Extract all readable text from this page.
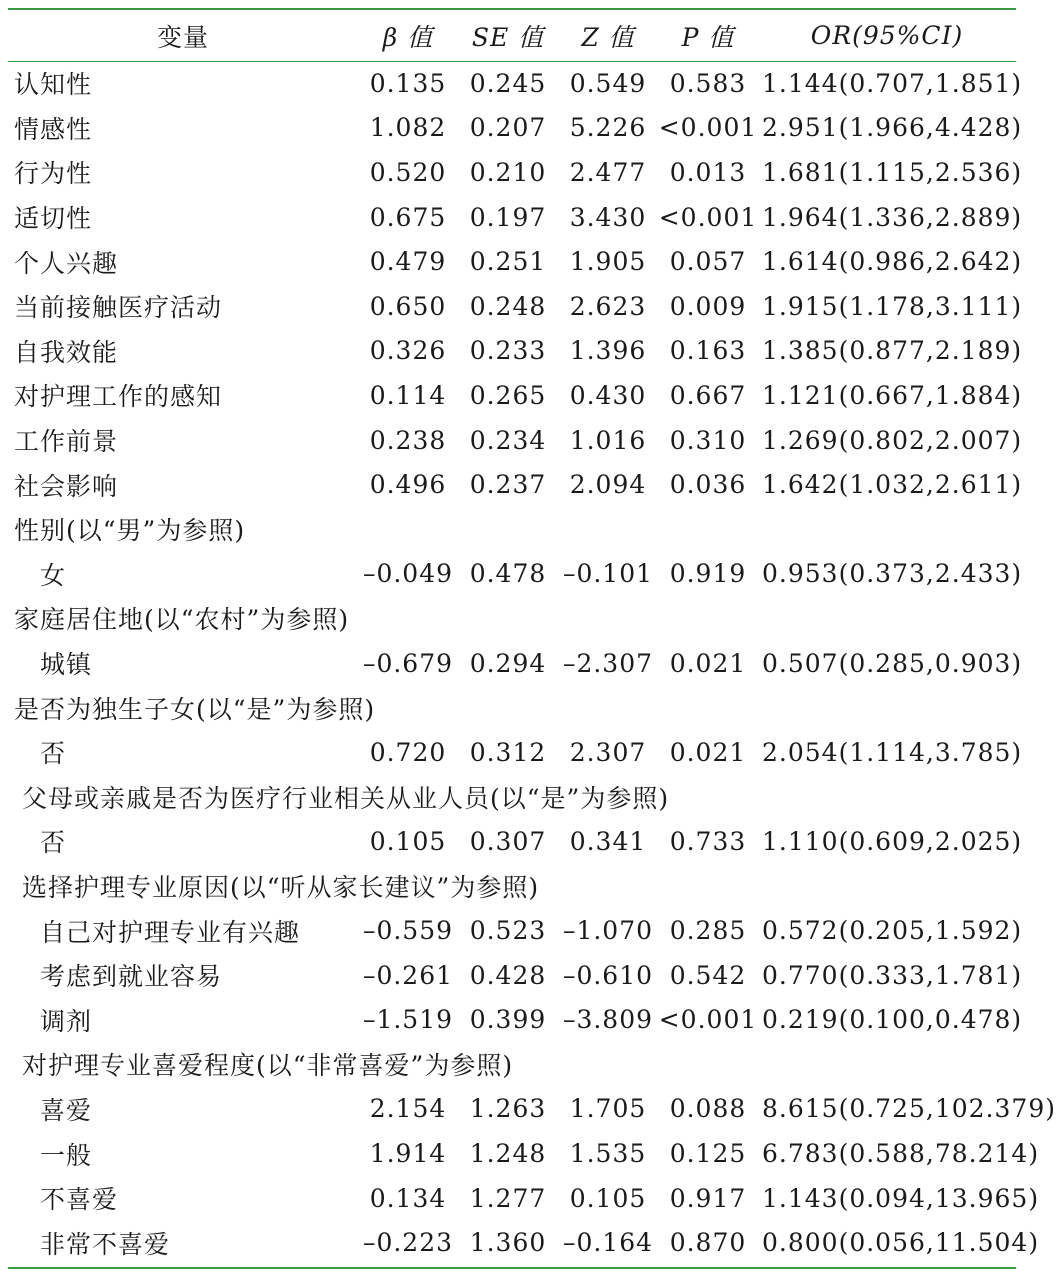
变量	β 值	SE 值	Z 值	P 值	OR(95%CI)
认知性	0.135	0.245	0.549	0.583	1.144(0.707,1.851)
情感性	1.082	0.207	5.226	<0.001	2.951(1.966,4.428)
行为性	0.520	0.210	2.477	0.013	1.681(1.115,2.536)
适切性	0.675	0.197	3.430	<0.001	1.964(1.336,2.889)
个人兴趣	0.479	0.251	1.905	0.057	1.614(0.986,2.642)
当前接触医疗活动	0.650	0.248	2.623	0.009	1.915(1.178,3.111)
自我效能	0.326	0.233	1.396	0.163	1.385(0.877,2.189)
对护理工作的感知	0.114	0.265	0.430	0.667	1.121(0.667,1.884)
工作前景	0.238	0.234	1.016	0.310	1.269(0.802,2.007)
社会影响	0.496	0.237	2.094	0.036	1.642(1.032,2.611)
性别(以“男”为参照)					
女	–0.049	0.478	–0.101	0.919	0.953(0.373,2.433)
家庭居住地(以“农村”为参照)					
城镇	–0.679	0.294	–2.307	0.021	0.507(0.285,0.903)
是否为独生子女(以“是”为参照)					
否	0.720	0.312	2.307	0.021	2.054(1.114,3.785)
父母或亲戚是否为医疗行业相关从业人员(以“是”为参照)					
否	0.105	0.307	0.341	0.733	1.110(0.609,2.025)
选择护理专业原因(以“听从家长建议”为参照)					
自己对护理专业有兴趣	–0.559	0.523	–1.070	0.285	0.572(0.205,1.592)
考虑到就业容易	–0.261	0.428	–0.610	0.542	0.770(0.333,1.781)
调剂	–1.519	0.399	–3.809	<0.001	0.219(0.100,0.478)
对护理专业喜爱程度(以“非常喜爱”为参照)					
喜爱	2.154	1.263	1.705	0.088	8.615(0.725,102.379)
一般	1.914	1.248	1.535	0.125	6.783(0.588,78.214)
不喜爱	0.134	1.277	0.105	0.917	1.143(0.094,13.965)
非常不喜爱	–0.223	1.360	–0.164	0.870	0.800(0.056,11.504)
